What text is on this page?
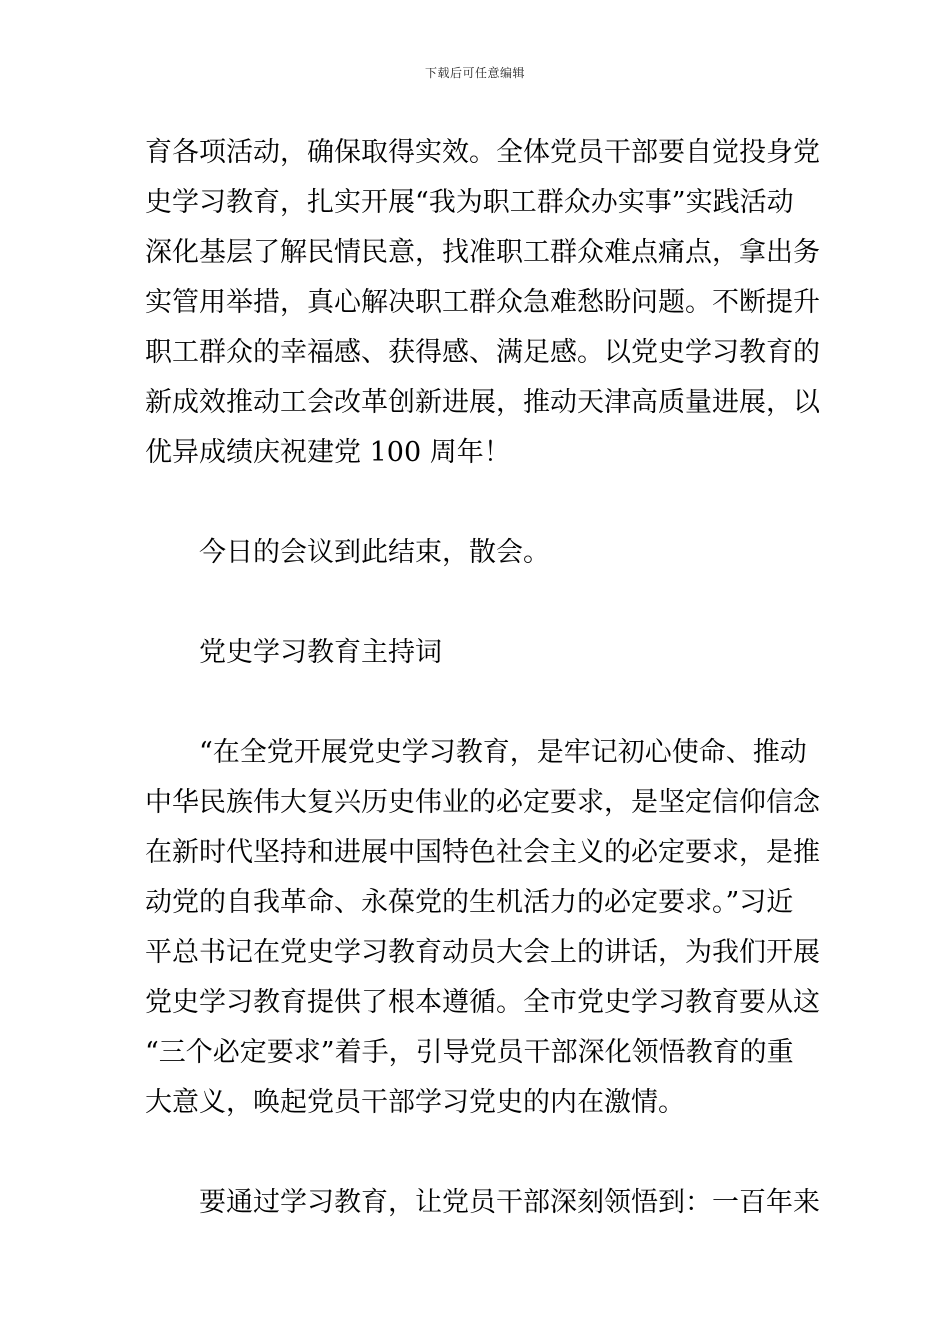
下载后可任意编辑
育各项活动，确保取得实效。全体党员干部要自觉投身党
史学习教育，扎实开展“我为职工群众办实事”实践活动
深化基层了解民情民意，找准职工群众难点痛点，拿出务
实管用举措，真心解决职工群众急难愁盼问题。不断提升
职工群众的幸福感、获得感、满足感。以党史学习教育的
新成效推动工会改革创新进展，推动天津高质量进展，以
优异成绩庆祝建党 100 周年！
今日的会议到此结束，散会。
党史学习教育主持词
“在全党开展党史学习教育，是牢记初心使命、推动
中华民族伟大复兴历史伟业的必定要求，是坚定信仰信念
在新时代坚持和进展中国特色社会主义的必定要求，是推
动党的自我革命、永葆党的生机活力的必定要求。”习近
平总书记在党史学习教育动员大会上的讲话，为我们开展
党史学习教育提供了根本遵循。全市党史学习教育要从这
“三个必定要求”着手，引导党员干部深化领悟教育的重
大意义，唤起党员干部学习党史的内在激情。
要通过学习教育，让党员干部深刻领悟到：一百年来
